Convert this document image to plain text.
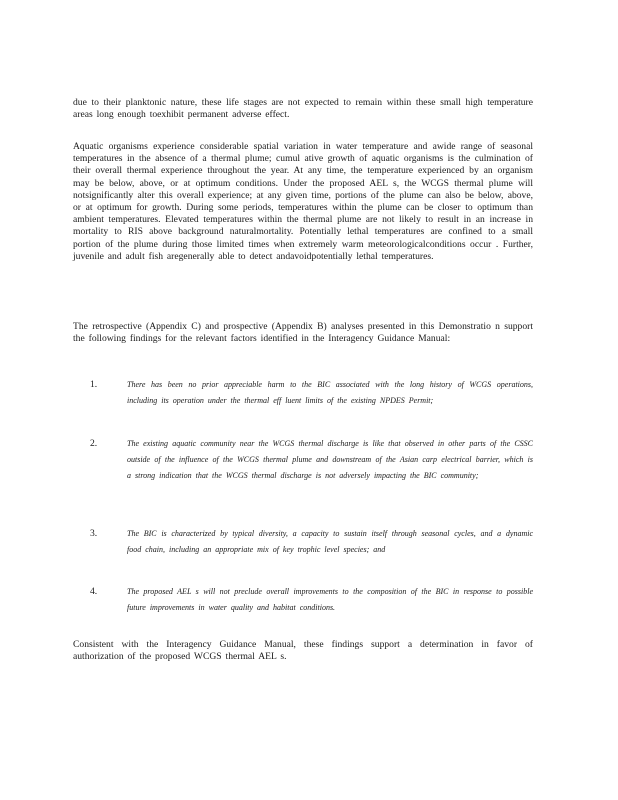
due to their planktonic nature, these life stages are not expected to remain within these small high temperature areas long enough toexhibit permanent adverse effect.

Aquatic organisms experience considerable spatial variation in water temperature and awide range of seasonal temperatures in the absence of a thermal plume; cumul ative growth of aquatic organisms is the culmination of their overall thermal experience throughout the year. At any time, the temperature experienced by an organism may be below, above, or at optimum conditions. Under the proposed AEL s, the WCGS thermal plume will notsignificantly alter this overall experience; at any given time, portions of the plume can also be below, above, or at optimum for growth. During some periods, temperatures within the plume can be closer to optimum than ambient temperatures. Elevated temperatures within the thermal plume are not likely to result in an increase in mortality to RIS above background naturalmortality. Potentially lethal temperatures are confined to a small portion of the plume during those limited times when extremely warm meteorologicalconditions occur . Further, juvenile and adult fish aregenerally able to detect andavoidpotentially lethal temperatures.

The retrospective (Appendix C) and prospective (Appendix B) analyses presented in this Demonstratio n support the following findings for the relevant factors identified in the Interagency Guidance Manual:

1.	There has been no prior appreciable harm to the BIC associated with the long history of WCGS operations, including its operation under the thermal eff luent limits of the existing NPDES Permit;

2.	The existing aquatic community near the WCGS thermal discharge is like that observed in other parts of the CSSC outside of the influence of the WCGS thermal plume and downstream of the Asian carp electrical barrier, which is a strong indication that the WCGS thermal discharge is not adversely impacting the BIC community;

3.	The BIC is characterized by typical diversity, a capacity to sustain itself through seasonal cycles, and a dynamic food chain, including an appropriate mix of key trophic level species; and

4.	The proposed AEL s will not preclude overall improvements to the composition of the BIC in response to possible future improvements in water quality and habitat conditions.

Consistent with the Interagency Guidance Manual, these findings support a determination in favor of authorization of the proposed WCGS thermal AEL s.
